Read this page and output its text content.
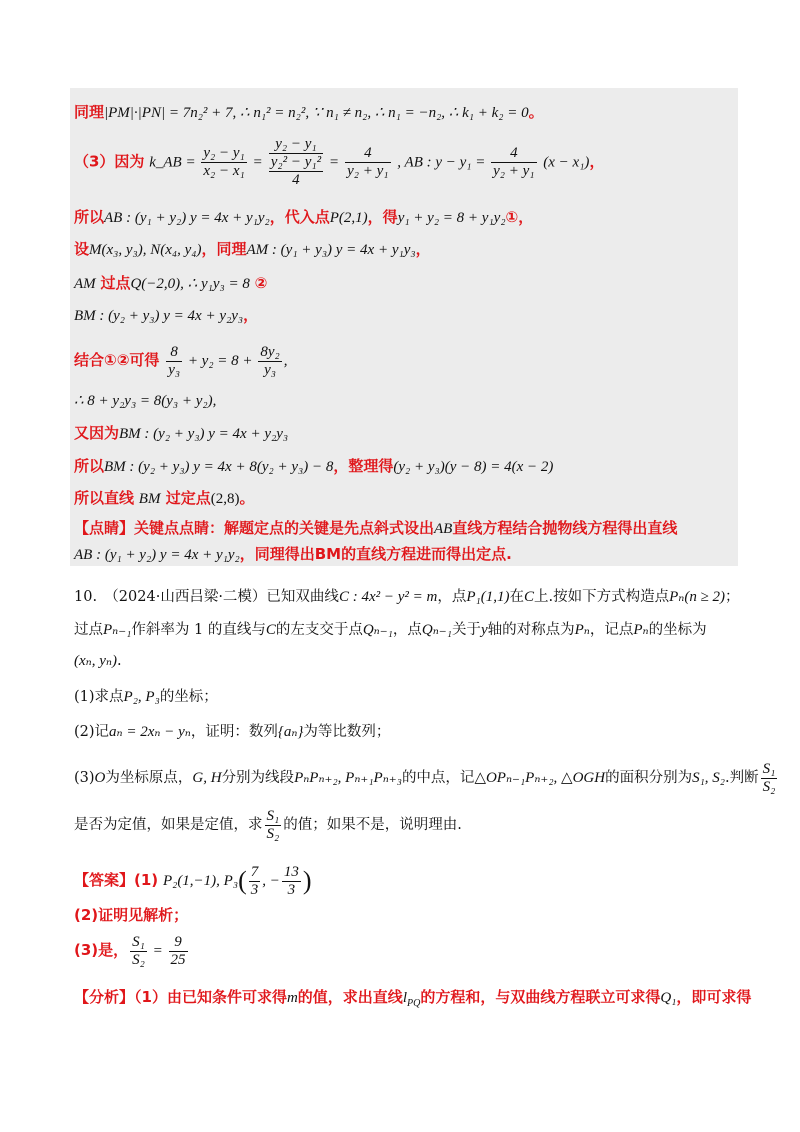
同理|PM|·|PN| = 7n₂² + 7, ∴ n₁² = n₂², ∵ n₁ ≠ n₂, ∴ n₁ = −n₂, ∴ k₁ + k₂ = 0。
（3）因为 k_AB = $\frac{\text{y₂ − y₁}}{\text{x₂ − x₁}}$ =
y₂ − y₁
y₂² − y₁²
4
= $\frac{4}{\text{y₂ + y₁}}$ , AB : $y - y_1 = \frac{4}{\text{y₂ + y₁}} (x - x_1)$，
所以AB : (y₁ + y₂) y = 4x + y₁y₂，代入点P(2,1)，得y₁ + y₂ = 8 + y₁y₂①，
设M(x₃, y₃), N(x₄, y₄)，同理AM : (y₁ + y₃) y = 4x + y₁y₃，
AM 过点Q(−2,0), ∴ y₁y₃ = 8 ②
BM : (y₂ + y₃) y = 4x + y₂y₃，
结合①②可得 $\frac{8}{\text{y₃}} + y_2 = 8 + \frac{\text{8y₂}}{\text{y₃}}$ ,
∴ 8 + y₂y₃ = 8(y₃ + y₂),
又因为BM : (y₂ + y₃) y = 4x + y₂y₃
所以BM : (y₂ + y₃) y = 4x + 8(y₂ + y₃) − 8，整理得(y₂ + y₃)(y − 8) = 4(x − 2)
所以直线 BM 过定点(2,8)。
【点睛】关键点点睛：解题定点的关键是先点斜式设出AB直线方程结合抛物线方程得出直线
AB : (y₁ + y₂) y = 4x + y₁y₂，同理得出BM的直线方程进而得出定点.
10.　（2024·山西吕梁·二模）已知双曲线C : 4x² − y² = m，点P₁(1,1)在C上.按如下方式构造点Pₙ(n ≥ 2)；
过点Pₙ₋₁作斜率为 1 的直线与C的左支交于点Qₙ₋₁，点Qₙ₋₁关于y轴的对称点为Pₙ，记点Pₙ的坐标为
(xₙ, yₙ).
(1)求点P₂, P₃的坐标；
(2)记aₙ = 2xₙ − yₙ，证明：数列{aₙ}为等比数列；
(3)O为坐标原点，G, H分别为线段PₙPₙ₊₂, Pₙ₊₁Pₙ₊₃的中点，记△OPₙ₋₁Pₙ₊₂, △OGH的面积分别为S₁, S₂.判断 $\frac{\text{S₁}}{\text{S₂}}$
是否为定值，如果是定值，求 $\frac{\text{S₁}}{\text{S₂}}$ 的值；如果不是，说明理由.
【答案】(1) P₂(1,−1), $P_3( \frac{7}{3}$ , − $\frac{13}{3}$ )
(2)证明见解析；
(3)是， $\frac{\text{S₁}}{\text{S₂}} = \frac{9}{25}$
【分析】（1）由已知条件可求得m的值，求出直线$l_{PQ}$的方程和，与双曲线方程联立可求得Q₁，即可求得
